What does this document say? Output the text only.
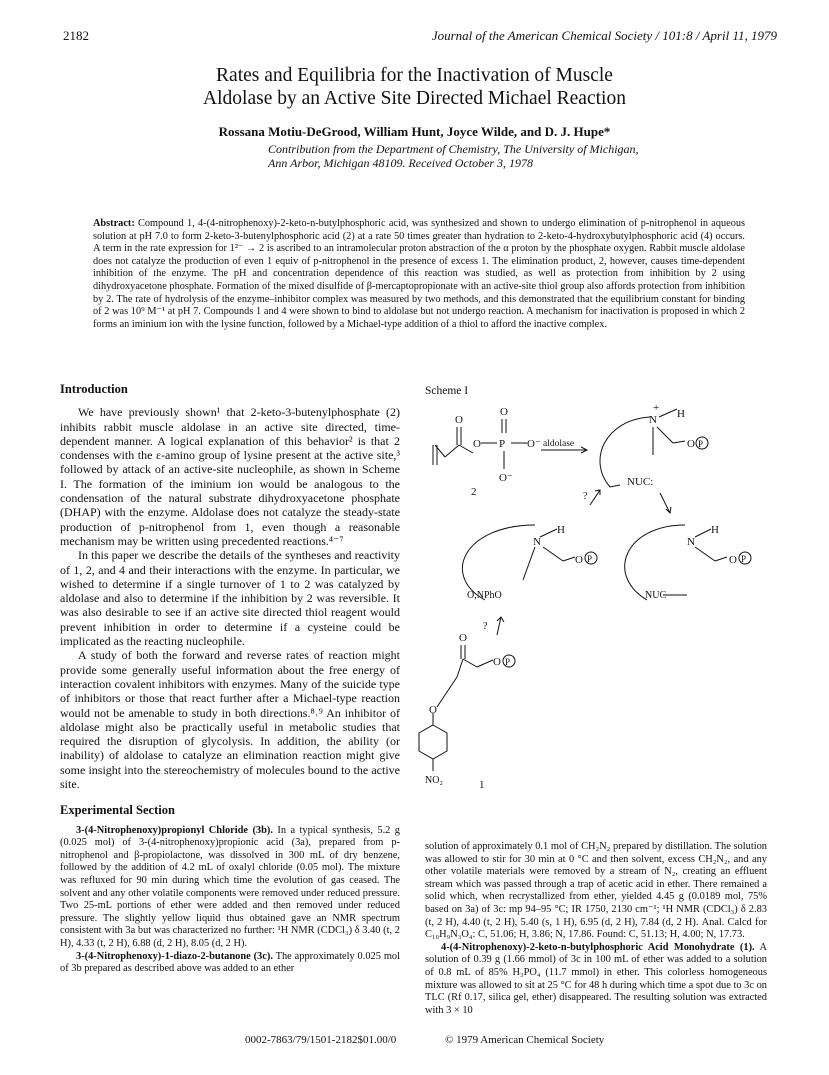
2182	Journal of the American Chemical Society / 101:8 / April 11, 1979
Rates and Equilibria for the Inactivation of Muscle
Aldolase by an Active Site Directed Michael Reaction
Rossana Motiu-DeGrood, William Hunt, Joyce Wilde, and D. J. Hupe*
Contribution from the Department of Chemistry, The University of Michigan,
Ann Arbor, Michigan 48109. Received October 3, 1978
Abstract: Compound 1, 4-(4-nitrophenoxy)-2-keto-n-butylphosphoric acid, was synthesized and shown to undergo elimination of p-nitrophenol in aqueous solution at pH 7.0 to form 2-keto-3-butenylphosphoric acid (2) at a rate 50 times greater than hydration to 2-keto-4-hydroxybutylphosphoric acid (4) occurs. A term in the rate expression for 1²⁻ → 2 is ascribed to an intramolecular proton abstraction of the α proton by the phosphate oxygen. Rabbit muscle aldolase does not catalyze the production of even 1 equiv of p-nitrophenol in the presence of excess 1. The elimination product, 2, however, causes time-dependent inhibition of the enzyme. The pH and concentration dependence of this reaction was studied, as well as protection from inhibition by 2 using dihydroxyacetone phosphate. Formation of the mixed disulfide of β-mercaptopropionate with an active-site thiol group also affords protection from inhibition by 2. The rate of hydrolysis of the enzyme–inhibitor complex was measured by two methods, and this demonstrated that the equilibrium constant for binding of 2 was 10⁹ M⁻¹ at pH 7. Compounds 1 and 4 were shown to bind to aldolase but not undergo reaction. A mechanism for inactivation is proposed in which 2 forms an iminium ion with the lysine function, followed by a Michael-type addition of a thiol to afford the inactive complex.
Introduction

We have previously shown¹ that 2-keto-3-butenylphosphate (2) inhibits rabbit muscle aldolase in an active site directed, time-dependent manner. A logical explanation of this behavior² is that 2 condenses with the ε-amino group of lysine present at the active site,³ followed by attack of an active-site nucleophile, as shown in Scheme I. The formation of the iminium ion would be analogous to the condensation of the natural substrate dihydroxyacetone phosphate (DHAP) with the enzyme. Aldolase does not catalyze the steady-state production of p-nitrophenol from 1, even though a reasonable mechanism may be written using precedented reactions.⁴⁻⁷

In this paper we describe the details of the syntheses and reactivity of 1, 2, and 4 and their interactions with the enzyme. In particular, we wished to determine if a single turnover of 1 to 2 was catalyzed by aldolase and also to determine if the inhibition by 2 was reversible. It was also desirable to see if an active site directed thiol reagent would prevent inhibition in order to determine if a cysteine could be implicated as the reacting nucleophile.

A study of both the forward and reverse rates of reaction might provide some generally useful information about the free energy of interaction covalent inhibitors with enzymes. Many of the suicide type of inhibitors or those that react further after a Michael-type reaction would not be amenable to study in both directions.⁸˒⁹ An inhibitor of aldolase might also be practically useful in metabolic studies that required the disruption of glycolysis. In addition, the ability (or inability) of aldolase to catalyze an elimination reaction might give some insight into the stereochemistry of molecules bound to the active site.

Experimental Section

3-(4-Nitrophenoxy)propionyl Chloride (3b). In a typical synthesis, 5.2 g (0.025 mol) of 3-(4-nitrophenoxy)propionic acid (3a), prepared from p-nitrophenol and β-propiolactone, was dissolved in 300 mL of dry benzene, followed by the addition of 4.2 mL of oxalyl chloride (0.05 mol). The mixture was refluxed for 90 min during which time the evolution of gas ceased. The solvent and any other volatile components were removed under reduced pressure. Two 25-mL portions of ether were added and then removed under reduced pressure. The slightly yellow liquid thus obtained gave an NMR spectrum consistent with 3a but was characterized no further: ¹H NMR (CDCl₃) δ 3.40 (t, 2 H), 4.33 (t, 2 H), 6.88 (d, 2 H), 8.05 (d, 2 H).

3-(4-Nitrophenoxy)-1-diazo-2-butanone (3c). The approximately 0.025 mol of 3b prepared as described above was added to an ether

Scheme I
O
O
O
P O⁻
O⁻
2
aldolase
+
N H
O P
NUC:
?
N
H
O P
O,NPhO
N
H
O P
NUC
?
O
O P
O
NO₂	1

solution of approximately 0.1 mol of CH₂N₂ prepared by distillation. The solution was allowed to stir for 30 min at 0 °C and then solvent, excess CH₂N₂, and any other volatile materials were removed by a stream of N₂, creating an effluent stream which was passed through a trap of acetic acid in ether. There remained a solid which, when recrystallized from ether, yielded 4.45 g (0.0189 mol, 75% based on 3a) of 3c: mp 94–95 °C; IR 1750, 2130 cm⁻¹; ¹H NMR (CDCl₃) δ 2.83 (t, 2 H), 4.40 (t, 2 H), 5.40 (s, 1 H), 6.95 (d, 2 H), 7.84 (d, 2 H). Anal. Calcd for C₁₀H₉N₃O₄: C, 51.06; H, 3.86; N, 17.86. Found: C, 51.13; H, 4.00; N, 17.73.

4-(4-Nitrophenoxy)-2-keto-n-butylphosphoric Acid Monohydrate (1). A solution of 0.39 g (1.66 mmol) of 3c in 100 mL of ether was added to a solution of 0.8 mL of 85% H₃PO₄ (11.7 mmol) in ether. This colorless homogeneous mixture was allowed to sit at 25 °C for 48 h during which time a spot due to 3c on TLC (Rf 0.17, silica gel, ether) disappeared. The resulting solution was extracted with 3 × 10

0002-7863/79/1501-2182$01.00/0	© 1979 American Chemical Society
